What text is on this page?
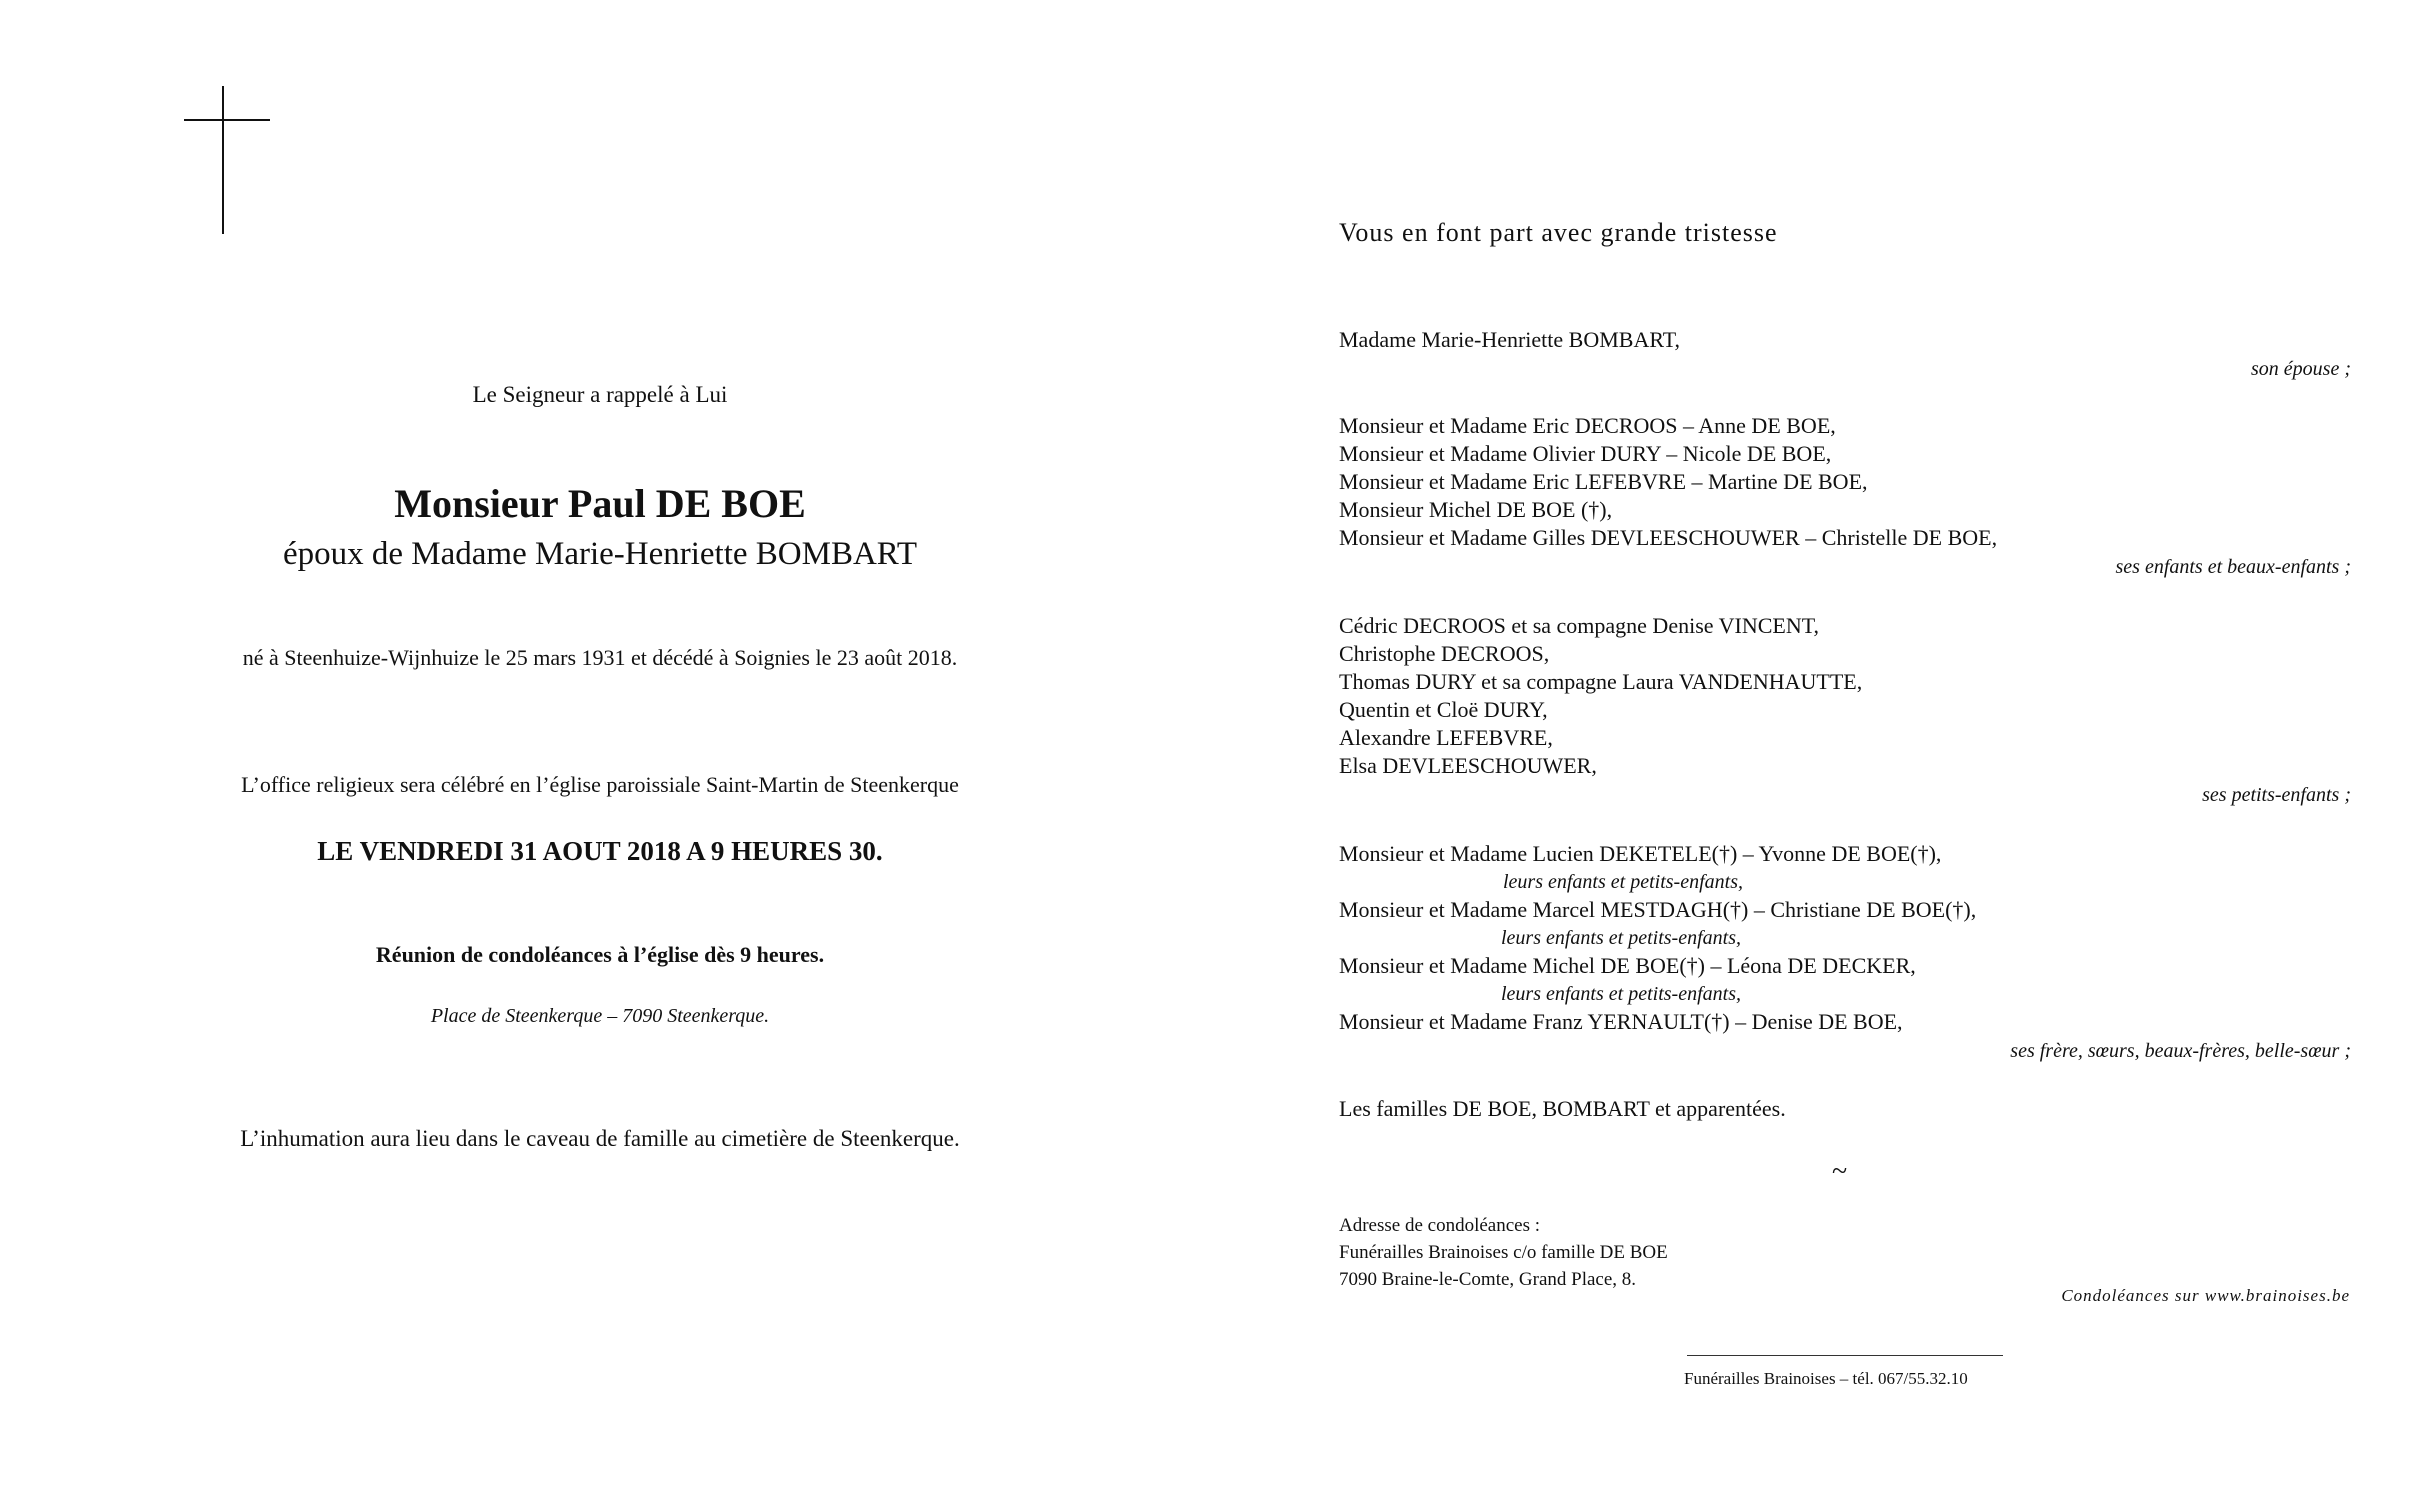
Le Seigneur a rappelé à Lui
Monsieur Paul DE BOE
époux de Madame Marie-Henriette BOMBART
né à Steenhuize-Wijnhuize le 25 mars 1931 et décédé à Soignies le 23 août 2018.
L’office religieux sera célébré en l’église paroissiale Saint-Martin de Steenkerque
LE VENDREDI 31 AOUT 2018 A 9 HEURES 30.
Réunion de condoléances à l’église dès 9 heures.
Place de Steenkerque – 7090 Steenkerque.
L’inhumation aura lieu dans le caveau de famille au cimetière de Steenkerque.
Vous en font part avec grande tristesse
Madame Marie-Henriette BOMBART,
son épouse ;
Monsieur et Madame Eric DECROOS – Anne DE BOE,
Monsieur et Madame Olivier DURY – Nicole DE BOE,
Monsieur et Madame Eric LEFEBVRE – Martine DE BOE,
Monsieur Michel DE BOE (†),
Monsieur et Madame Gilles DEVLEESCHOUWER – Christelle DE BOE,
ses enfants et beaux-enfants ;
Cédric DECROOS et sa compagne Denise VINCENT,
Christophe DECROOS,
Thomas DURY et sa compagne Laura VANDENHAUTTE,
Quentin et Cloë DURY,
Alexandre LEFEBVRE,
Elsa DEVLEESCHOUWER,
ses petits-enfants ;
Monsieur et Madame Lucien DEKETELE(†) – Yvonne DE BOE(†),
leurs enfants et petits-enfants,
Monsieur et Madame Marcel MESTDAGH(†) – Christiane DE BOE(†),
leurs enfants et petits-enfants,
Monsieur et Madame Michel DE BOE(†) – Léona DE DECKER,
leurs enfants et petits-enfants,
Monsieur et Madame Franz YERNAULT(†) – Denise DE BOE,
ses frère, sœurs, beaux-frères, belle-sœur ;
Les familles DE BOE, BOMBART et apparentées.
~
Adresse de condoléances :
Funérailles Brainoises c/o famille DE BOE
7090 Braine-le-Comte, Grand Place, 8.
Condoléances sur www.brainoises.be
Funérailles Brainoises – tél. 067/55.32.10
